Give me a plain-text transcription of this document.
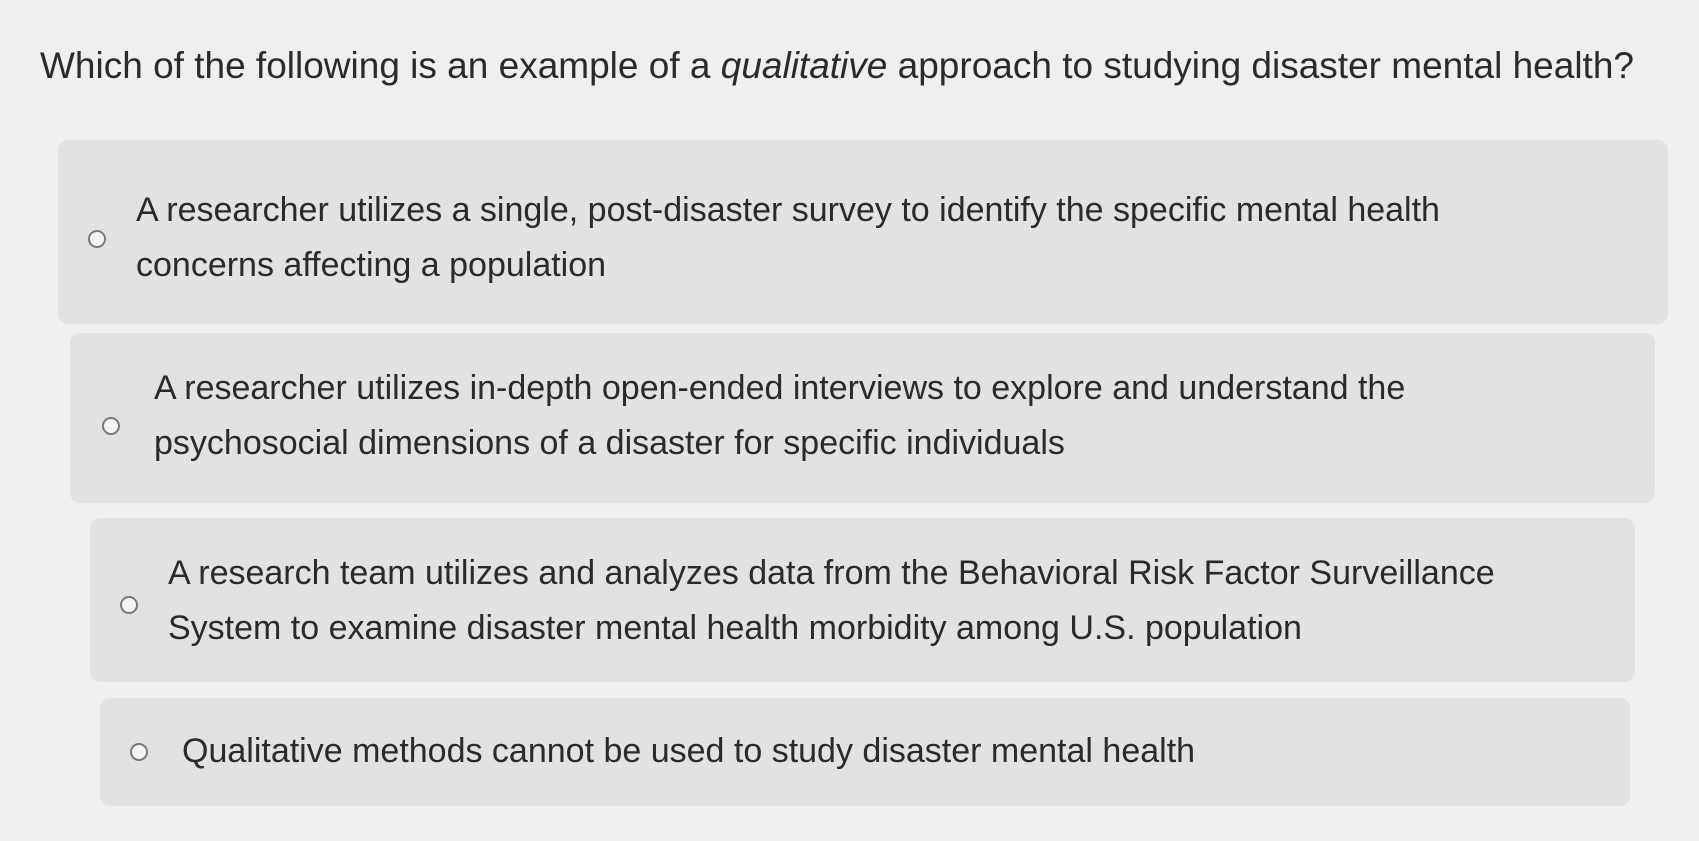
Which of the following is an example of a qualitative approach to studying disaster mental health?
A researcher utilizes a single, post-disaster survey to identify the specific mental health
concerns affecting a population
A researcher utilizes in-depth open-ended interviews to explore and understand the
psychosocial dimensions of a disaster for specific individuals
A research team utilizes and analyzes data from the Behavioral Risk Factor Surveillance
System to examine disaster mental health morbidity among U.S. population
Qualitative methods cannot be used to study disaster mental health
